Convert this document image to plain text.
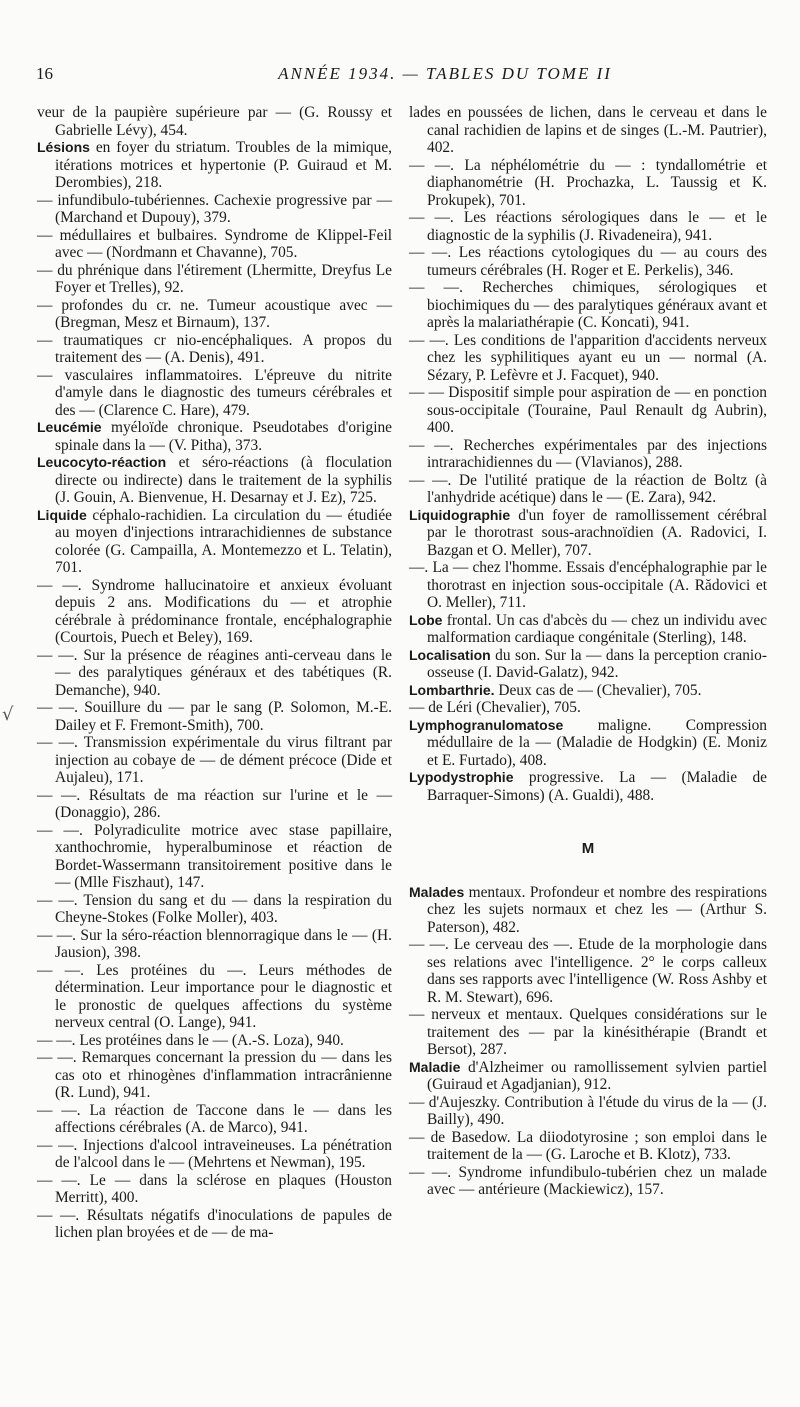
16	ANNÉE 1934. — TABLES DU TOME II
√

veur de la paupière supérieure par — (G. Roussy et Gabrielle Lévy), 454.

Lésions en foyer du striatum. Troubles de la mimique, itérations motrices et hypertonie (P. Guiraud et M. Derombies), 218.

— infundibulo-tubériennes. Cachexie progressive par — (Marchand et Dupouy), 379.

— médullaires et bulbaires. Syndrome de Klippel-Feil avec — (Nordmann et Chavanne), 705.

— du phrénique dans l'étirement (Lhermitte, Dreyfus Le Foyer et Trelles), 92.

— profondes du cr. ne. Tumeur acoustique avec — (Bregman, Mesz et Birnaum), 137.

— traumatiques cr nio-encéphaliques. A propos du traitement des — (A. Denis), 491.

— vasculaires inflammatoires. L'épreuve du nitrite d'amyle dans le diagnostic des tumeurs cérébrales et des — (Clarence C. Hare), 479.

Leucémie myéloïde chronique. Pseudotabes d'origine spinale dans la — (V. Pitha), 373.

Leucocyto-réaction et séro-réactions (à floculation directe ou indirecte) dans le traitement de la syphilis (J. Gouin, A. Bienvenue, H. Desarnay et J. Ez), 725.

Liquide céphalo-rachidien. La circulation du — étudiée au moyen d'injections intrarachidiennes de substance colorée (G. Campailla, A. Montemezzo et L. Telatin), 701.

— —. Syndrome hallucinatoire et anxieux évoluant depuis 2 ans. Modifications du — et atrophie cérébrale à prédominance frontale, encéphalographie (Courtois, Puech et Beley), 169.

— —. Sur la présence de réagines anti-cerveau dans le — des paralytiques généraux et des tabétiques (R. Demanche), 940.

— —. Souillure du — par le sang (P. Solomon, M.-E. Dailey et F. Fremont-Smith), 700.

— —. Transmission expérimentale du virus filtrant par injection au cobaye de — de dément précoce (Dide et Aujaleu), 171.

— —. Résultats de ma réaction sur l'urine et le — (Donaggio), 286.

— —. Polyradiculite motrice avec stase papillaire, xanthochromie, hyperalbuminose et réaction de Bordet-Wassermann transitoirement positive dans le — (Mlle Fiszhaut), 147.

— —. Tension du sang et du — dans la respiration du Cheyne-Stokes (Folke Moller), 403.

— —. Sur la séro-réaction blennorragique dans le — (H. Jausion), 398.

— —. Les protéines du —. Leurs méthodes de détermination. Leur importance pour le diagnostic et le pronostic de quelques affections du système nerveux central (O. Lange), 941.

— —. Les protéines dans le — (A.-S. Loza), 940.

— —. Remarques concernant la pression du — dans les cas oto et rhinogènes d'inflammation intracrânienne (R. Lund), 941.

— —. La réaction de Taccone dans le — dans les affections cérébrales (A. de Marco), 941.

— —. Injections d'alcool intraveineuses. La pénétration de l'alcool dans le — (Mehrtens et Newman), 195.

— —. Le — dans la sclérose en plaques (Houston Merritt), 400.

— —. Résultats négatifs d'inoculations de papules de lichen plan broyées et de — de ma-

lades en poussées de lichen, dans le cerveau et dans le canal rachidien de lapins et de singes (L.-M. Pautrier), 402.

— —. La néphélométrie du — : tyndallométrie et diaphanométrie (H. Prochazka, L. Taussig et K. Prokupek), 701.

— —. Les réactions sérologiques dans le — et le diagnostic de la syphilis (J. Rivadeneira), 941.

— —. Les réactions cytologiques du — au cours des tumeurs cérébrales (H. Roger et E. Perkelis), 346.

— —. Recherches chimiques, sérologiques et biochimiques du — des paralytiques généraux avant et après la malariathérapie (C. Koncati), 941.

— —. Les conditions de l'apparition d'accidents nerveux chez les syphilitiques ayant eu un — normal (A. Sézary, P. Lefèvre et J. Facquet), 940.

— — Dispositif simple pour aspiration de — en ponction sous-occipitale (Touraine, Paul Renault dg Aubrin), 400.

— —. Recherches expérimentales par des injections intrarachidiennes du — (Vlavianos), 288.

— —. De l'utilité pratique de la réaction de Boltz (à l'anhydride acétique) dans le — (E. Zara), 942.

Liquidographie d'un foyer de ramollissement cérébral par le thorotrast sous-arachnoïdien (A. Radovici, I. Bazgan et O. Meller), 707.

—. La — chez l'homme. Essais d'encéphalographie par le thorotrast en injection sous-occipitale (A. Rădovici et O. Meller), 711.

Lobe frontal. Un cas d'abcès du — chez un individu avec malformation cardiaque congénitale (Sterling), 148.

Localisation du son. Sur la — dans la perception cranio-osseuse (I. David-Galatz), 942.

Lombarthrie. Deux cas de — (Chevalier), 705.

— de Léri (Chevalier), 705.

Lymphogranulomatose maligne. Compression médullaire de la — (Maladie de Hodgkin) (E. Moniz et E. Furtado), 408.

Lypodystrophie progressive. La — (Maladie de Barraquer-Simons) (A. Gualdi), 488.

M

Malades mentaux. Profondeur et nombre des respirations chez les sujets normaux et chez les — (Arthur S. Paterson), 482.

— —. Le cerveau des —. Etude de la morphologie dans ses relations avec l'intelligence. 2° le corps calleux dans ses rapports avec l'intelligence (W. Ross Ashby et R. M. Stewart), 696.

— nerveux et mentaux. Quelques considérations sur le traitement des — par la kinésithérapie (Brandt et Bersot), 287.

Maladie d'Alzheimer ou ramollissement sylvien partiel (Guiraud et Agadjanian), 912.

— d'Aujeszky. Contribution à l'étude du virus de la — (J. Bailly), 490.

— de Basedow. La diiodotyrosine ; son emploi dans le traitement de la — (G. Laroche et B. Klotz), 733.

— —. Syndrome infundibulo-tubérien chez un malade avec — antérieure (Mackiewicz), 157.
